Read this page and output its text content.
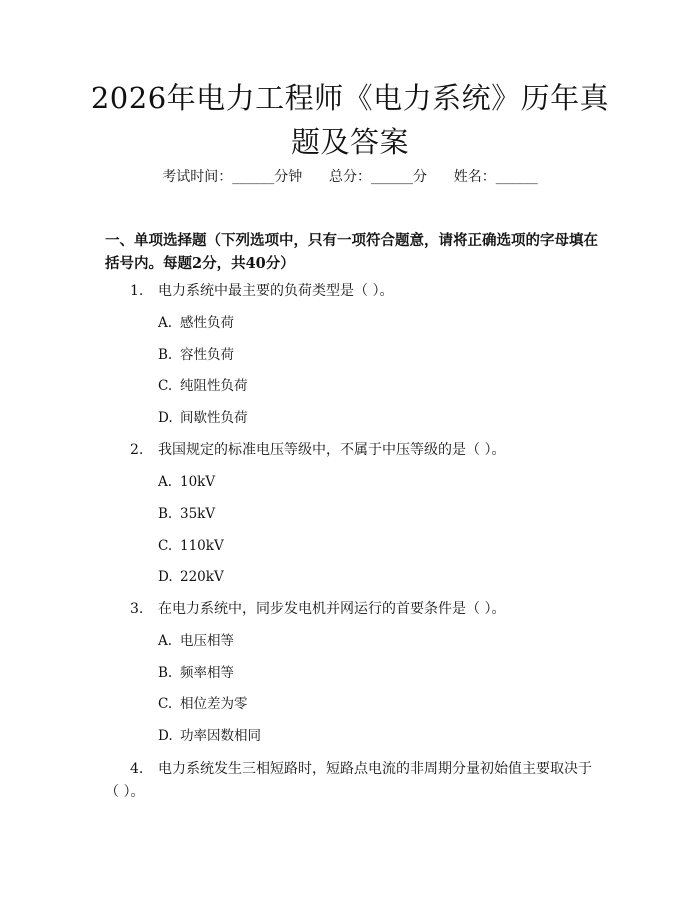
2026年电力工程师《电力系统》历年真题及答案
考试时间：______分钟      总分：______分      姓名：______
一、单项选择题（下列选项中，只有一项符合题意，请将正确选项的字母填在括号内。每题2分，共40分）
1. 电力系统中最主要的负荷类型是（ ）。
A. 感性负荷
B. 容性负荷
C. 纯阻性负荷
D. 间歇性负荷
2. 我国规定的标准电压等级中，不属于中压等级的是（ ）。
A. 10kV
B. 35kV
C. 110kV
D. 220kV
3. 在电力系统中，同步发电机并网运行的首要条件是（ ）。
A. 电压相等
B. 频率相等
C. 相位差为零
D. 功率因数相同
4. 电力系统发生三相短路时，短路点电流的非周期分量初始值主要取决于（ ）。
